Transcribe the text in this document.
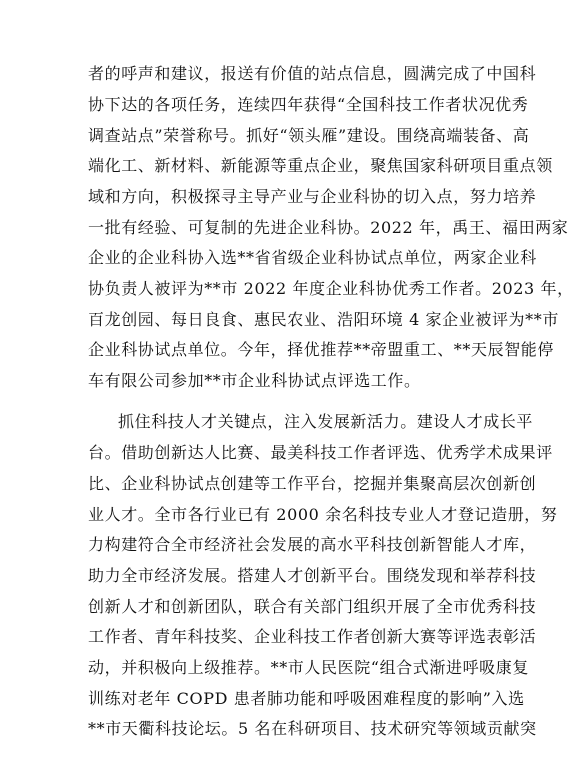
者的呼声和建议，报送有价值的站点信息，圆满完成了中国科
协下达的各项任务，连续四年获得“全国科技工作者状况优秀
调查站点”荣誉称号。抓好“领头雁”建设。围绕高端装备、高
端化工、新材料、新能源等重点企业，聚焦国家科研项目重点领
域和方向，积极探寻主导产业与企业科协的切入点，努力培养
一批有经验、可复制的先进企业科协。2022 年，禹王、福田两家
企业的企业科协入选**省省级企业科协试点单位，两家企业科
协负责人被评为**市 2022 年度企业科协优秀工作者。2023 年，
百龙创园、每日良食、惠民农业、浩阳环境 4 家企业被评为**市
企业科协试点单位。今年，择优推荐**帝盟重工、**天辰智能停
车有限公司参加**市企业科协试点评选工作。
抓住科技人才关键点，注入发展新活力。建设人才成长平
台。借助创新达人比赛、最美科技工作者评选、优秀学术成果评
比、企业科协试点创建等工作平台，挖掘并集聚高层次创新创
业人才。全市各行业已有 2000 余名科技专业人才登记造册，努
力构建符合全市经济社会发展的高水平科技创新智能人才库，
助力全市经济发展。搭建人才创新平台。围绕发现和举荐科技
创新人才和创新团队，联合有关部门组织开展了全市优秀科技
工作者、青年科技奖、企业科技工作者创新大赛等评选表彰活
动，并积极向上级推荐。**市人民医院“组合式渐进呼吸康复
训练对老年 COPD 患者肺功能和呼吸困难程度的影响”入选
**市天衢科技论坛。5 名在科研项目、技术研究等领域贡献突
